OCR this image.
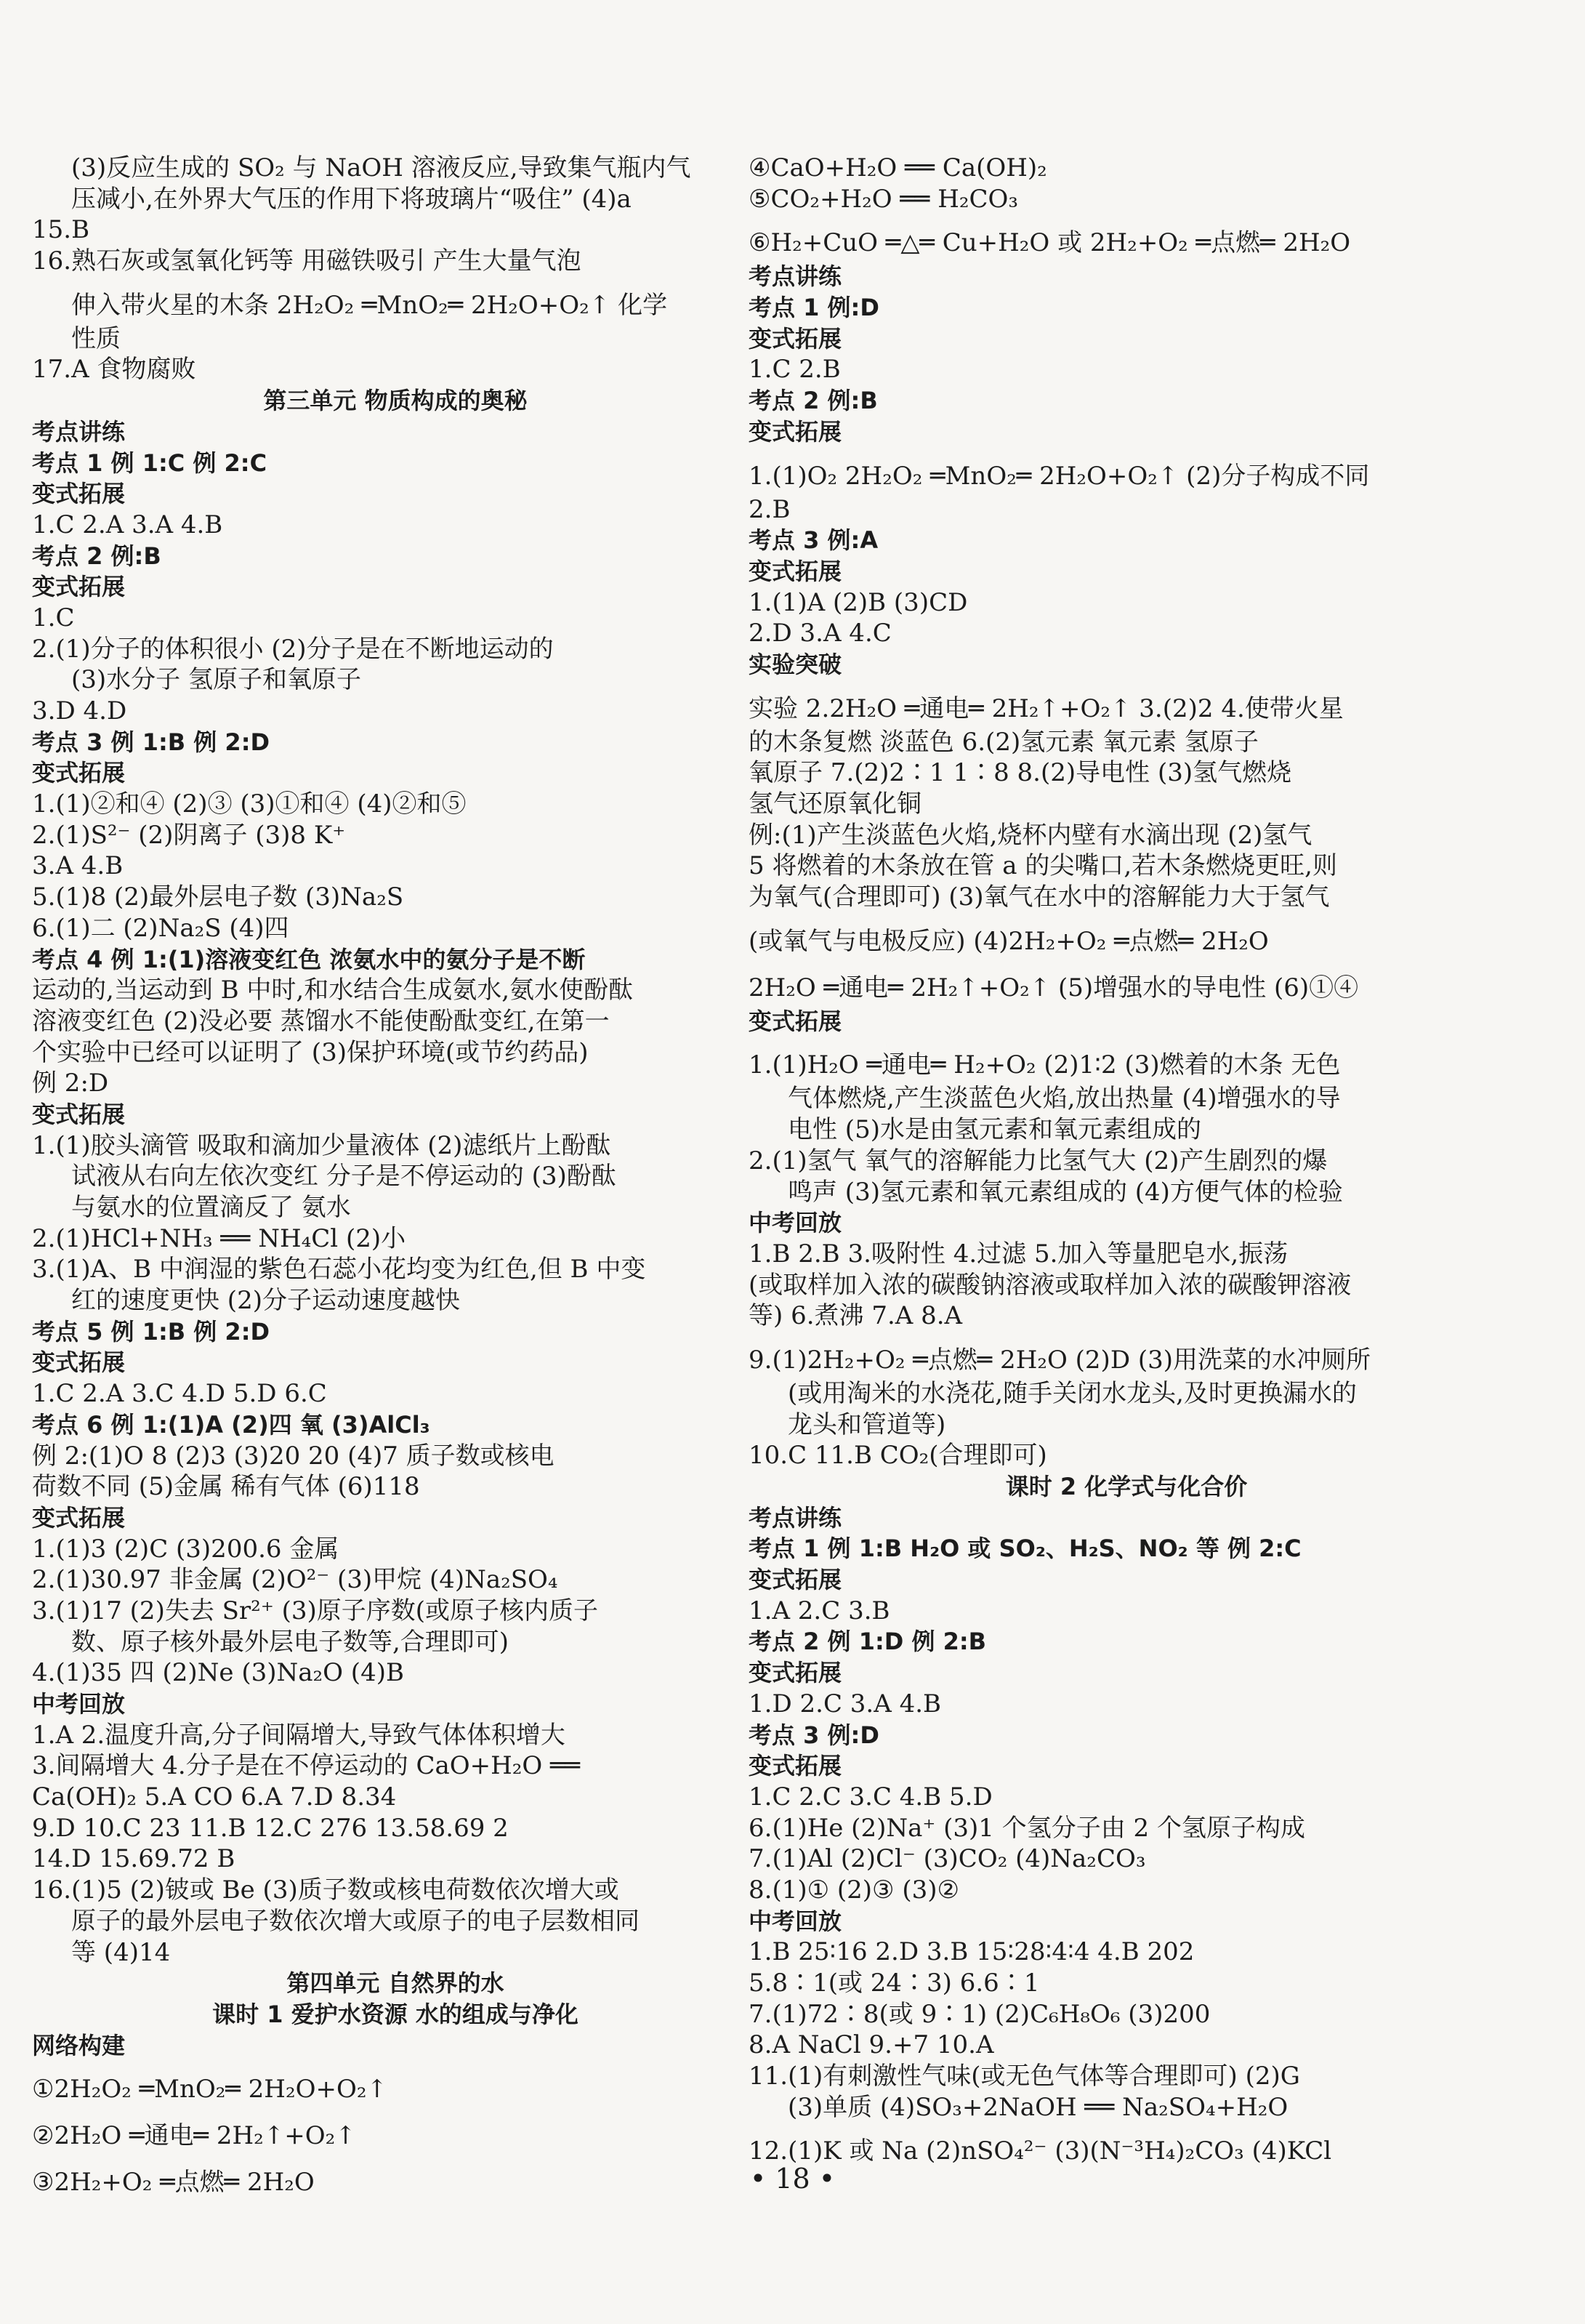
(3)反应生成的 SO₂ 与 NaOH 溶液反应,导致集气瓶内气
压减小,在外界大气压的作用下将玻璃片“吸住” (4)a
15.B
16.熟石灰或氢氧化钙等 用磁铁吸引 产生大量气泡
伸入带火星的木条 2H₂O₂ ═MnO₂═ 2H₂O+O₂↑ 化学
性质
17.A 食物腐败
第三单元 物质构成的奥秘
考点讲练
考点 1 例 1:C 例 2:C
变式拓展
1.C 2.A 3.A 4.B
考点 2 例:B
变式拓展
1.C
2.(1)分子的体积很小 (2)分子是在不断地运动的
(3)水分子 氢原子和氧原子
3.D 4.D
考点 3 例 1:B 例 2:D
变式拓展
1.(1)②和④ (2)③ (3)①和④ (4)②和⑤
2.(1)S²⁻ (2)阴离子 (3)8 K⁺
3.A 4.B
5.(1)8 (2)最外层电子数 (3)Na₂S
6.(1)二 (2)Na₂S (4)四
考点 4 例 1:(1)溶液变红色 浓氨水中的氨分子是不断
运动的,当运动到 B 中时,和水结合生成氨水,氨水使酚酞
溶液变红色 (2)没必要 蒸馏水不能使酚酞变红,在第一
个实验中已经可以证明了 (3)保护环境(或节约药品)
例 2:D
变式拓展
1.(1)胶头滴管 吸取和滴加少量液体 (2)滤纸片上酚酞
试液从右向左依次变红 分子是不停运动的 (3)酚酞
与氨水的位置滴反了 氨水
2.(1)HCl+NH₃ ══ NH₄Cl (2)小
3.(1)A、B 中润湿的紫色石蕊小花均变为红色,但 B 中变
红的速度更快 (2)分子运动速度越快
考点 5 例 1:B 例 2:D
变式拓展
1.C 2.A 3.C 4.D 5.D 6.C
考点 6 例 1:(1)A (2)四 氧 (3)AlCl₃
例 2:(1)O 8 (2)3 (3)20 20 (4)7 质子数或核电
荷数不同 (5)金属 稀有气体 (6)118
变式拓展
1.(1)3 (2)C (3)200.6 金属
2.(1)30.97 非金属 (2)O²⁻ (3)甲烷 (4)Na₂SO₄
3.(1)17 (2)失去 Sr²⁺ (3)原子序数(或原子核内质子
数、原子核外最外层电子数等,合理即可)
4.(1)35 四 (2)Ne (3)Na₂O (4)B
中考回放
1.A 2.温度升高,分子间隔增大,导致气体体积增大
3.间隔增大 4.分子是在不停运动的 CaO+H₂O ══
Ca(OH)₂ 5.A CO 6.A 7.D 8.34
9.D 10.C 23 11.B 12.C 276 13.58.69 2
14.D 15.69.72 B
16.(1)5 (2)铍或 Be (3)质子数或核电荷数依次增大或
原子的最外层电子数依次增大或原子的电子层数相同
等 (4)14
第四单元 自然界的水
课时 1 爱护水资源 水的组成与净化
网络构建
①2H₂O₂ ═MnO₂═ 2H₂O+O₂↑
②2H₂O ═通电═ 2H₂↑+O₂↑
③2H₂+O₂ ═点燃═ 2H₂O
④CaO+H₂O ══ Ca(OH)₂
⑤CO₂+H₂O ══ H₂CO₃
⑥H₂+CuO ═△═ Cu+H₂O 或 2H₂+O₂ ═点燃═ 2H₂O
考点讲练
考点 1 例:D
变式拓展
1.C 2.B
考点 2 例:B
变式拓展
1.(1)O₂ 2H₂O₂ ═MnO₂═ 2H₂O+O₂↑ (2)分子构成不同
2.B
考点 3 例:A
变式拓展
1.(1)A (2)B (3)CD
2.D 3.A 4.C
实验突破
实验 2.2H₂O ═通电═ 2H₂↑+O₂↑ 3.(2)2 4.使带火星
的木条复燃 淡蓝色 6.(2)氢元素 氧元素 氢原子
氧原子 7.(2)2∶1 1∶8 8.(2)导电性 (3)氢气燃烧
氢气还原氧化铜
例:(1)产生淡蓝色火焰,烧杯内壁有水滴出现 (2)氢气
5 将燃着的木条放在管 a 的尖嘴口,若木条燃烧更旺,则
为氧气(合理即可) (3)氧气在水中的溶解能力大于氢气
(或氧气与电极反应) (4)2H₂+O₂ ═点燃═ 2H₂O
2H₂O ═通电═ 2H₂↑+O₂↑ (5)增强水的导电性 (6)①④
变式拓展
1.(1)H₂O ═通电═ H₂+O₂ (2)1∶2 (3)燃着的木条 无色
气体燃烧,产生淡蓝色火焰,放出热量 (4)增强水的导
电性 (5)水是由氢元素和氧元素组成的
2.(1)氢气 氧气的溶解能力比氢气大 (2)产生剧烈的爆
鸣声 (3)氢元素和氧元素组成的 (4)方便气体的检验
中考回放
1.B 2.B 3.吸附性 4.过滤 5.加入等量肥皂水,振荡
(或取样加入浓的碳酸钠溶液或取样加入浓的碳酸钾溶液
等) 6.煮沸 7.A 8.A
9.(1)2H₂+O₂ ═点燃═ 2H₂O (2)D (3)用洗菜的水冲厕所
(或用淘米的水浇花,随手关闭水龙头,及时更换漏水的
龙头和管道等)
10.C 11.B CO₂(合理即可)
课时 2 化学式与化合价
考点讲练
考点 1 例 1:B H₂O 或 SO₂、H₂S、NO₂ 等 例 2:C
变式拓展
1.A 2.C 3.B
考点 2 例 1:D 例 2:B
变式拓展
1.D 2.C 3.A 4.B
考点 3 例:D
变式拓展
1.C 2.C 3.C 4.B 5.D
6.(1)He (2)Na⁺ (3)1 个氢分子由 2 个氢原子构成
7.(1)Al (2)Cl⁻ (3)CO₂ (4)Na₂CO₃
8.(1)① (2)③ (3)②
中考回放
1.B 25∶16 2.D 3.B 15∶28∶4∶4 4.B 202
5.8∶1(或 24∶3) 6.6∶1
7.(1)72∶8(或 9∶1) (2)C₆H₈O₆ (3)200
8.A NaCl 9.+7 10.A
11.(1)有刺激性气味(或无色气体等合理即可) (2)G
(3)单质 (4)SO₃+2NaOH ══ Na₂SO₄+H₂O
12.(1)K 或 Na (2)nSO₄²⁻ (3)(N⁻³H₄)₂CO₃ (4)KCl
• 18 •
